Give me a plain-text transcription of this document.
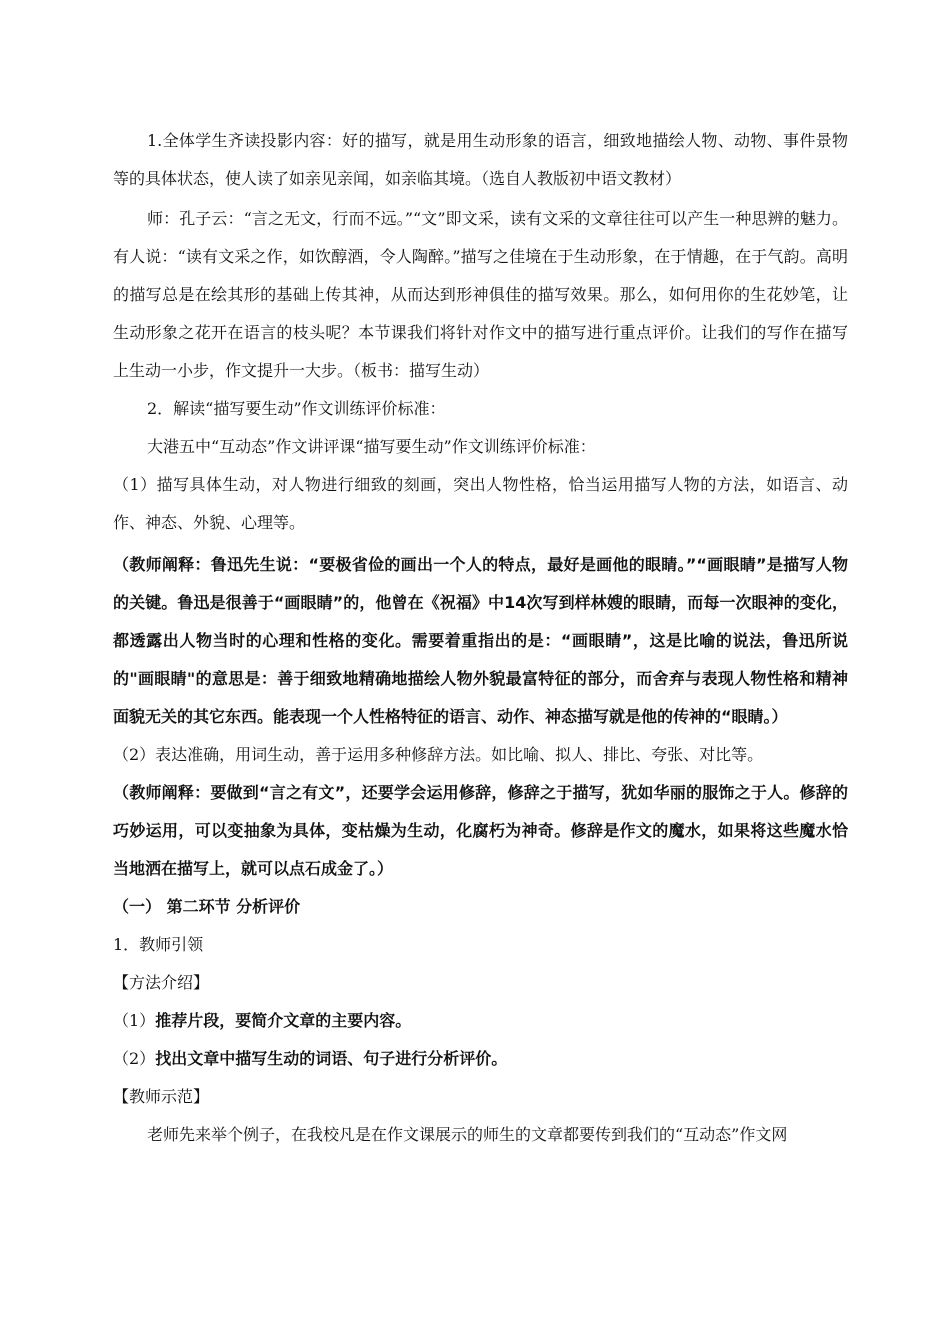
1.全体学生齐读投影内容：好的描写，就是用生动形象的语言，细致地描绘人物、动物、事件景物等的具体状态，使人读了如亲见亲闻，如亲临其境。（选自人教版初中语文教材）

师：孔子云：“言之无文，行而不远。”“文”即文采，读有文采的文章往往可以产生一种思辨的魅力。有人说：“读有文采之作，如饮醇酒，令人陶醉。”描写之佳境在于生动形象，在于情趣，在于气韵。高明的描写总是在绘其形的基础上传其神，从而达到形神俱佳的描写效果。那么，如何用你的生花妙笔，让生动形象之花开在语言的枝头呢？本节课我们将针对作文中的描写进行重点评价。让我们的写作在描写上生动一小步，作文提升一大步。（板书：描写生动）

2．解读“描写要生动”作文训练评价标准：

大港五中“互动态”作文讲评课“描写要生动”作文训练评价标准：

（1）描写具体生动，对人物进行细致的刻画，突出人物性格，恰当运用描写人物的方法，如语言、动作、神态、外貌、心理等。

（教师阐释：鲁迅先生说：“要极省俭的画出一个人的特点，最好是画他的眼睛。”“画眼睛”是描写人物的关键。鲁迅是很善于“画眼睛”的，他曾在《祝福》中14次写到样林嫂的眼睛，而每一次眼神的变化，都透露出人物当时的心理和性格的变化。需要着重指出的是：“画眼睛”，这是比喻的说法，鲁迅所说的"画眼睛"的意思是：善于细致地精确地描绘人物外貌最富特征的部分，而舍弃与表现人物性格和精神面貌无关的其它东西。能表现一个人性格特征的语言、动作、神态描写就是他的传神的“眼睛。）

（2）表达准确，用词生动，善于运用多种修辞方法。如比喻、拟人、排比、夸张、对比等。

（教师阐释：要做到“言之有文”，还要学会运用修辞，修辞之于描写，犹如华丽的服饰之于人。修辞的巧妙运用，可以变抽象为具体，变枯燥为生动，化腐朽为神奇。修辞是作文的魔水，如果将这些魔水恰当地洒在描写上，就可以点石成金了。）

（一） 第二环节 分析评价

1．教师引领

【方法介绍】

（1）推荐片段，要简介文章的主要内容。

（2）找出文章中描写生动的词语、句子进行分析评价。

【教师示范】

老师先来举个例子，在我校凡是在作文课展示的师生的文章都要传到我们的“互动态”作文网
